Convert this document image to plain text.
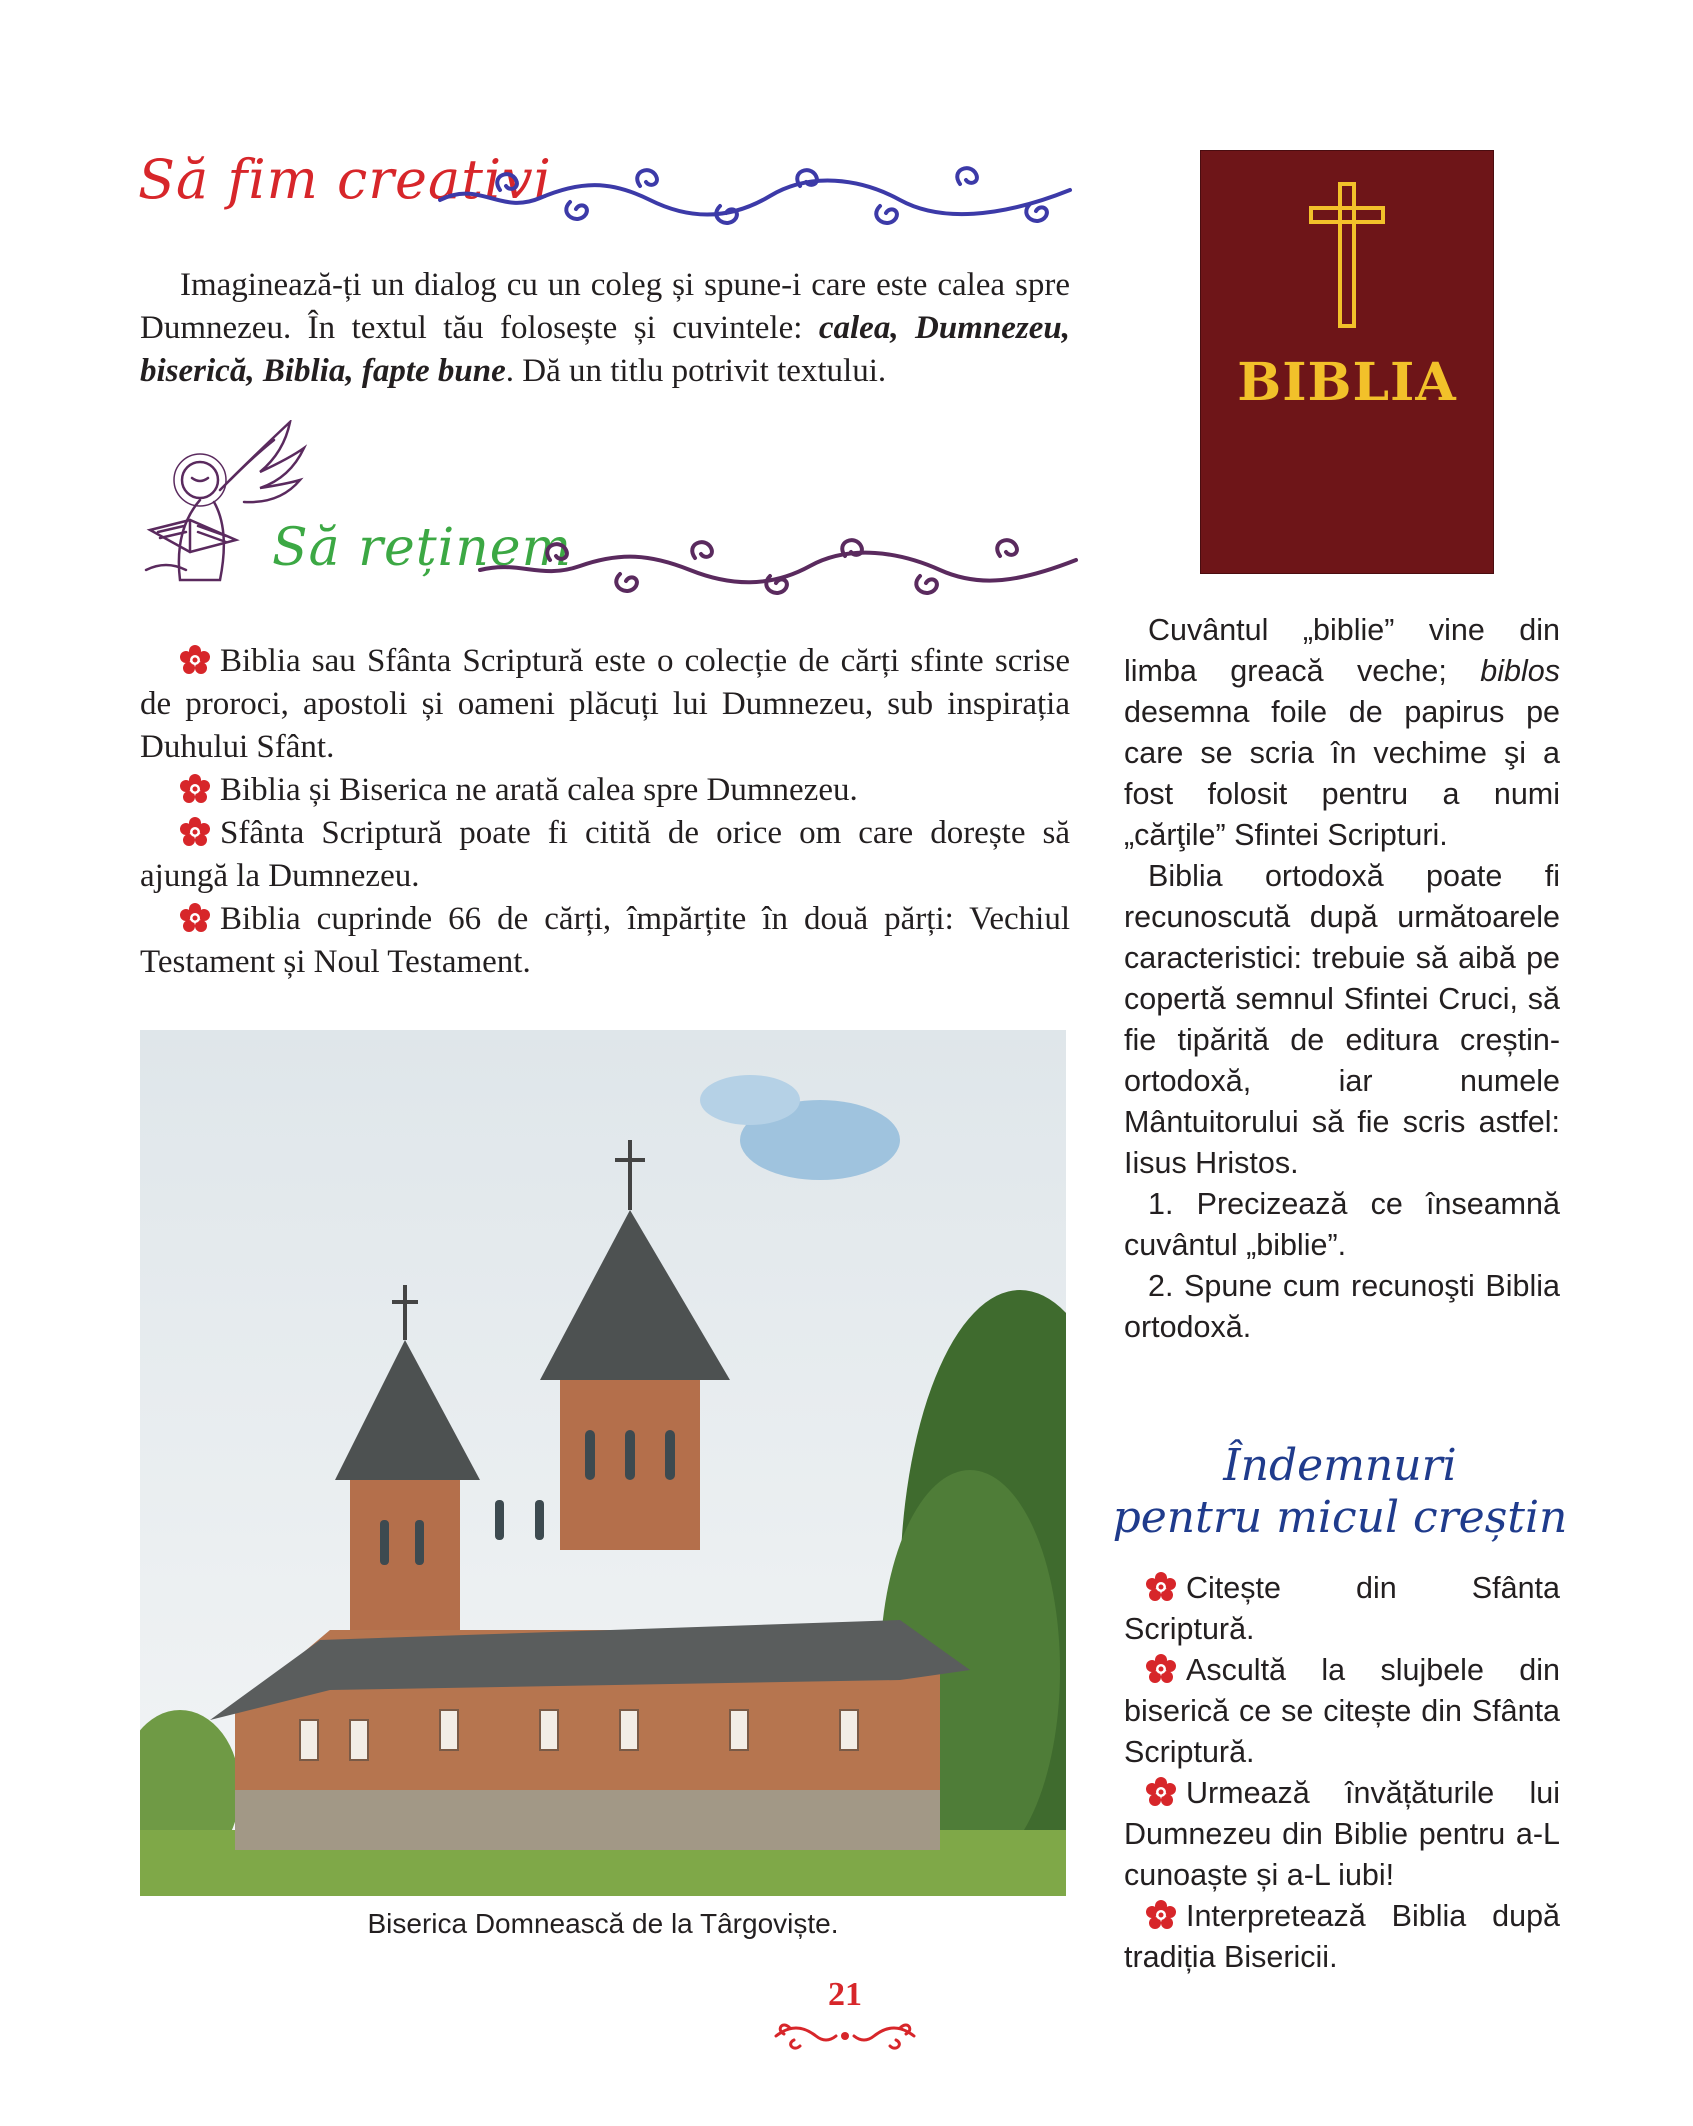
Să fim creativi
Imaginează-ți un dialog cu un coleg și spune-i care este calea spre Dumnezeu. În textul tău folosește și cuvintele: calea, Dumnezeu, biserică, Biblia, fapte bune. Dă un titlu potrivit textului.
Să reținem

Biblia sau Sfânta Scriptură este o colecție de cărți sfinte scrise de proroci, apostoli și oameni plăcuți lui Dumnezeu, sub inspirația Duhului Sfânt.

Biblia și Biserica ne arată calea spre Dumnezeu.

Sfânta Scriptură poate fi citită de orice om care dorește să ajungă la Dumnezeu.

Biblia cuprinde 66 de cărți, împărțite în două părți: Vechiul Testament și Noul Testament.

BIBLIA

Cuvântul „biblie” vine din limba greacă veche; biblos desemna foile de papirus pe care se scria în vechime şi a fost folosit pentru a numi „cărţile” Sfintei Scripturi.

Biblia ortodoxă poate fi recunoscută după următoarele caracteristici: trebuie să aibă pe copertă semnul Sfintei Cruci, să fie tipărită de editura creștin-ortodoxă, iar numele Mântuitorului să fie scris astfel: Iisus Hristos.

1. Precizează ce înseamnă cuvântul „biblie”.

2. Spune cum recunoşti Biblia ortodoxă.

Îndemnuri
pentru micul creștin

Citește din Sfânta Scriptură.

Ascultă la slujbele din biserică ce se citește din Sfânta Scriptură.

Urmează învățăturile lui Dumnezeu din Biblie pentru a-L cunoaște și a-L iubi!

Interpretează Biblia după tradiția Bisericii.

Biserica Domnească de la Târgoviște.
21
